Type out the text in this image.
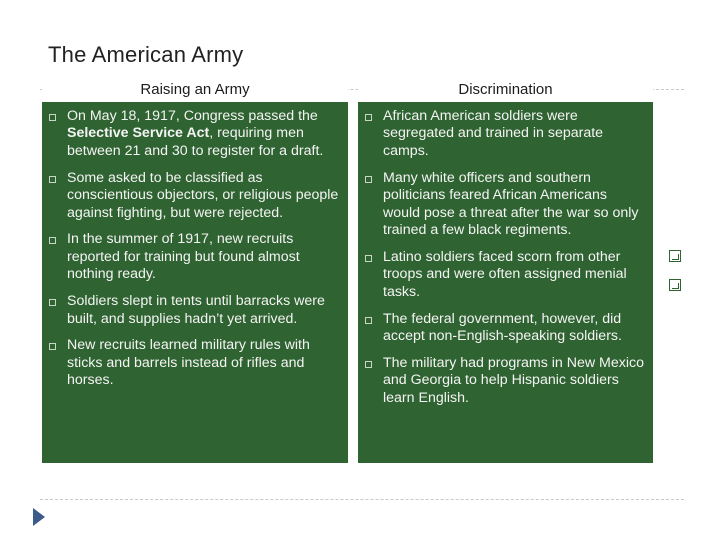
The American Army
Raising an Army	Discrimination
On May 18, 1917, Congress passed the Selective Service Act, requiring men between 21 and 30 to register for a draft.
Some asked to be classified as conscientious objectors, or religious people against fighting, but were rejected.
In the summer of 1917, new recruits reported for training but found almost nothing ready.
Soldiers slept in tents until barracks were built, and supplies hadn’t yet arrived.
New recruits learned military rules with sticks and barrels instead of rifles and horses.
African American soldiers were segregated and trained in separate camps.
Many white officers and southern politicians feared African Americans would pose a threat after the war so only trained a few black regiments.
Latino soldiers faced scorn from other troops and were often assigned menial tasks.
The federal government, however, did accept non-English-speaking soldiers.
The military had programs in New Mexico and Georgia to help Hispanic soldiers learn English.
